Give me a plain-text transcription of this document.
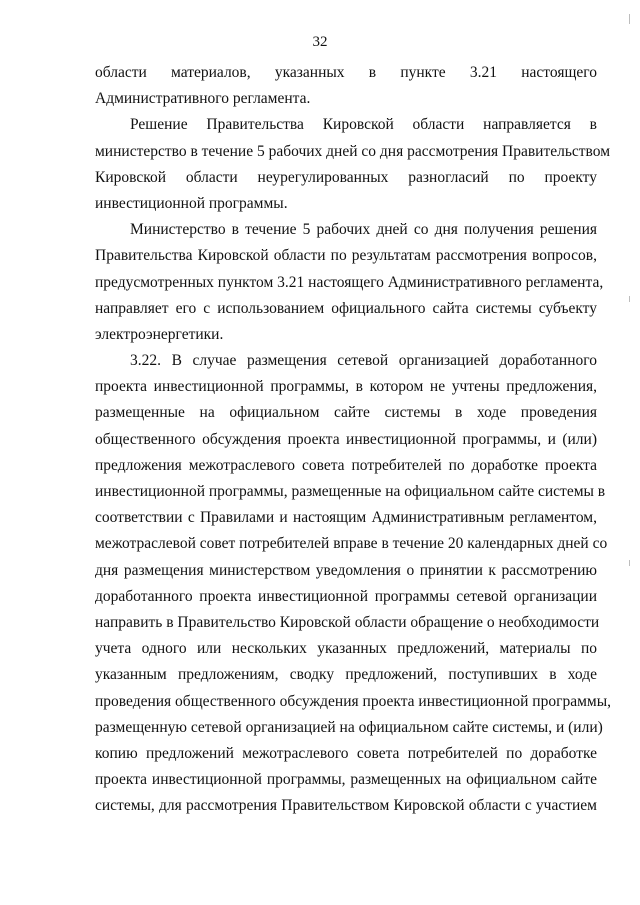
32
области материалов, указанных в пункте 3.21 настоящего
Административного регламента.
Решение Правительства Кировской области направляется в
министерство в течение 5 рабочих дней со дня рассмотрения Правительством
Кировской области неурегулированных разногласий по проекту
инвестиционной программы.
Министерство в течение 5 рабочих дней со дня получения решения
Правительства Кировской области по результатам рассмотрения вопросов,
предусмотренных пунктом 3.21 настоящего Административного регламента,
направляет его с использованием официального сайта системы субъекту
электроэнергетики.
3.22. В случае размещения сетевой организацией доработанного
проекта инвестиционной программы, в котором не учтены предложения,
размещенные на официальном сайте системы в ходе проведения
общественного обсуждения проекта инвестиционной программы, и (или)
предложения межотраслевого совета потребителей по доработке проекта
инвестиционной программы, размещенные на официальном сайте системы в
соответствии с Правилами и настоящим Административным регламентом,
межотраслевой совет потребителей вправе в течение 20 календарных дней со
дня размещения министерством уведомления о принятии к рассмотрению
доработанного проекта инвестиционной программы сетевой организации
направить в Правительство Кировской области обращение о необходимости
учета одного или нескольких указанных предложений, материалы по
указанным предложениям, сводку предложений, поступивших в ходе
проведения общественного обсуждения проекта инвестиционной программы,
размещенную сетевой организацией на официальном сайте системы, и (или)
копию предложений межотраслевого совета потребителей по доработке
проекта инвестиционной программы, размещенных на официальном сайте
системы, для рассмотрения Правительством Кировской области с участием
